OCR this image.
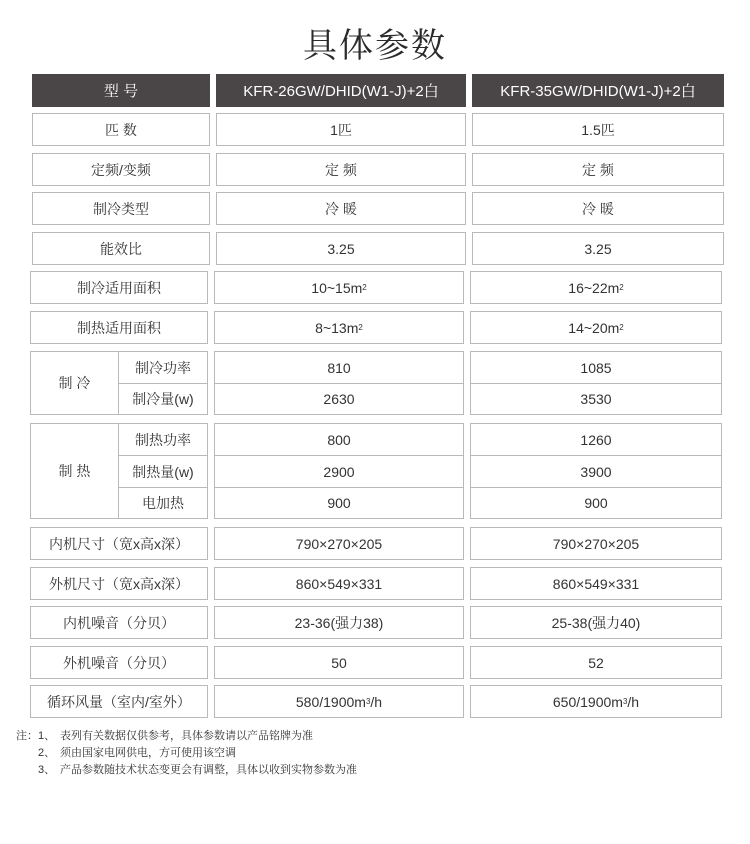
具体参数
型 号	KFR-26GW/DHID(W1-J)+2白	KFR-35GW/DHID(W1-J)+2白
匹 数	1匹	1.5匹
定频/变频	定 频	定 频
制冷类型	冷 暖	冷 暖
能效比	3.25	3.25
制冷适用面积	10~15m 2	16~22m 2
制热适用面积	8~13m 2	14~20m 2
制 冷
制冷功率	810	1085
制冷量(w)	2630	3530
制 热
制热功率	800	1260
制热量(w)	2900	3900
电加热	900	900
内机尺寸（宽x高x深）	790×270×205	790×270×205
外机尺寸（宽x高x深）	860×549×331	860×549×331
内机噪音（分贝）	23-36(强力38)	25-38(强力40)
外机噪音（分贝）	50	52
循环风量（室内/室外）	580/1900m 3 /h	650/1900m 3 /h
注：1、 表列有关数据仅供参考，具体参数请以产品铭牌为准
2、 须由国家电网供电，方可使用该空调
3、 产品参数随技术状态变更会有调整，具体以收到实物参数为准
